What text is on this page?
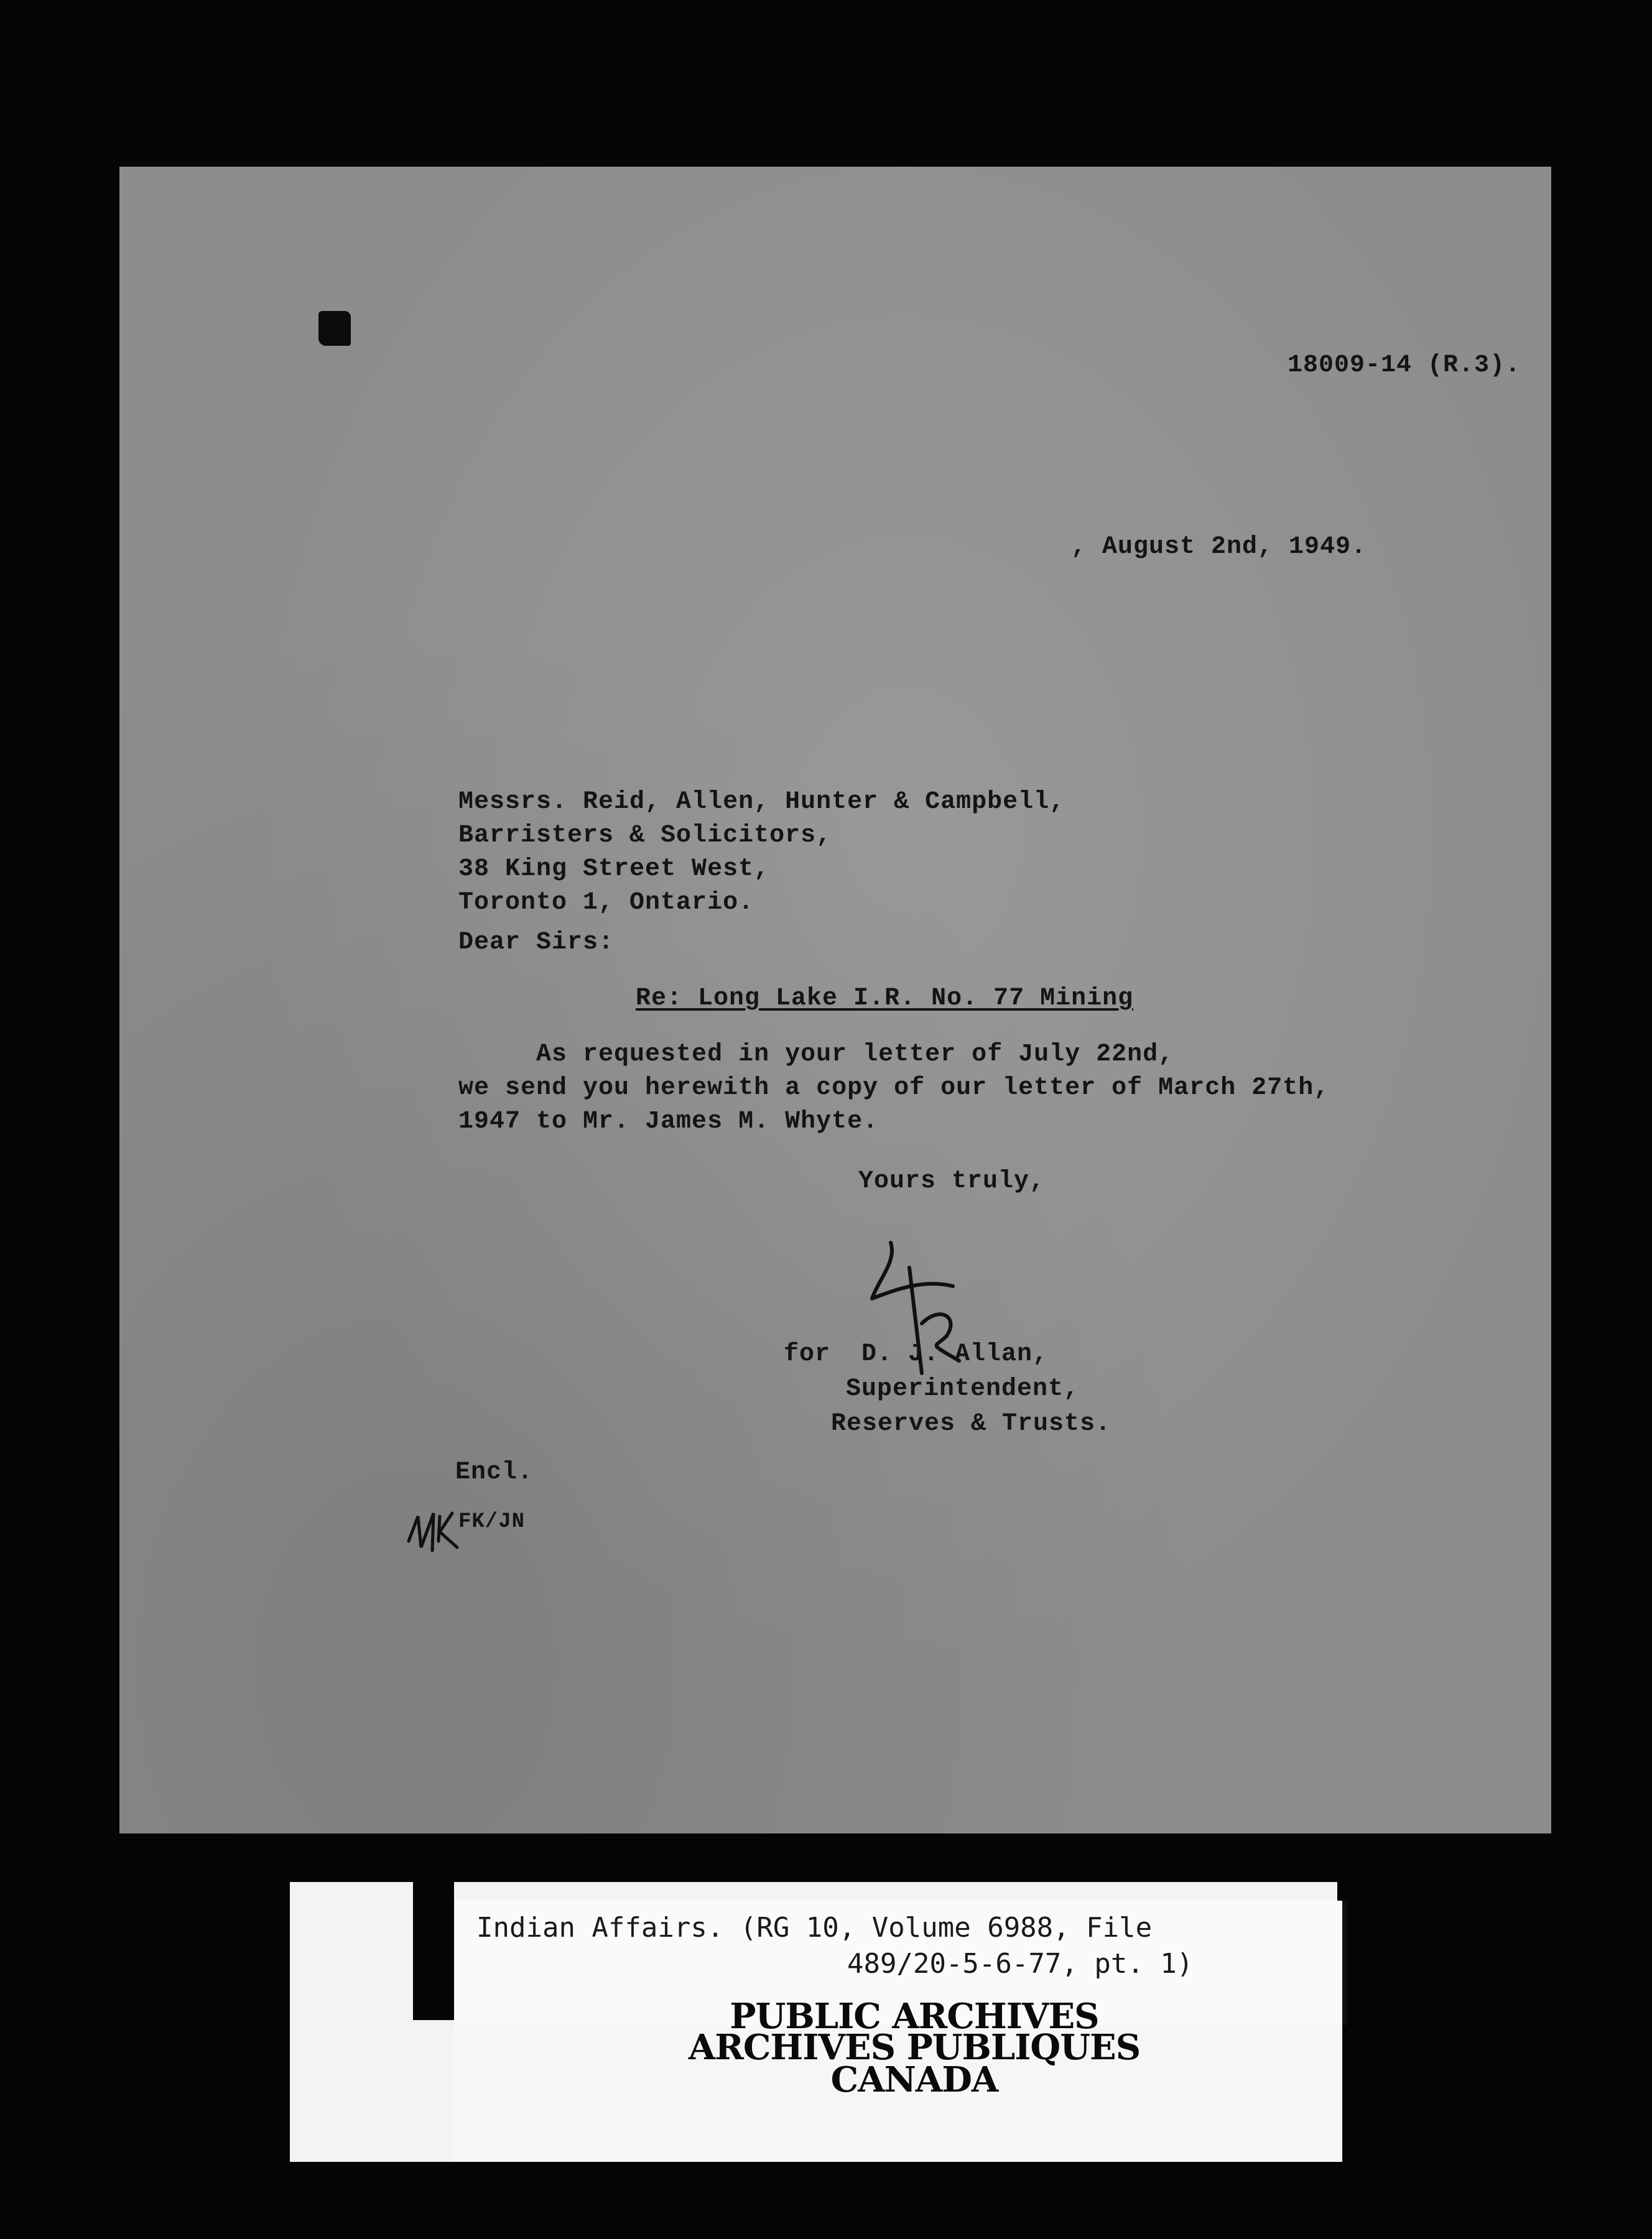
18009-14 (R.3).
, August 2nd, 1949.
Messrs. Reid, Allen, Hunter & Campbell,
Barristers & Solicitors,
38 King Street West,
Toronto 1, Ontario.
Dear Sirs:
Re: Long Lake I.R. No. 77 Mining
As requested in your letter of July 22nd,
we send you herewith a copy of our letter of March 27th,
1947 to Mr. James M. Whyte.
Yours truly,
for  D. J. Allan,
Superintendent,
Reserves & Trusts.
Encl.
FK/JN
Indian Affairs. (RG 10, Volume 6988, File
489/20-5-6-77, pt. 1)
PUBLIC ARCHIVES
ARCHIVES PUBLIQUES
CANADA
